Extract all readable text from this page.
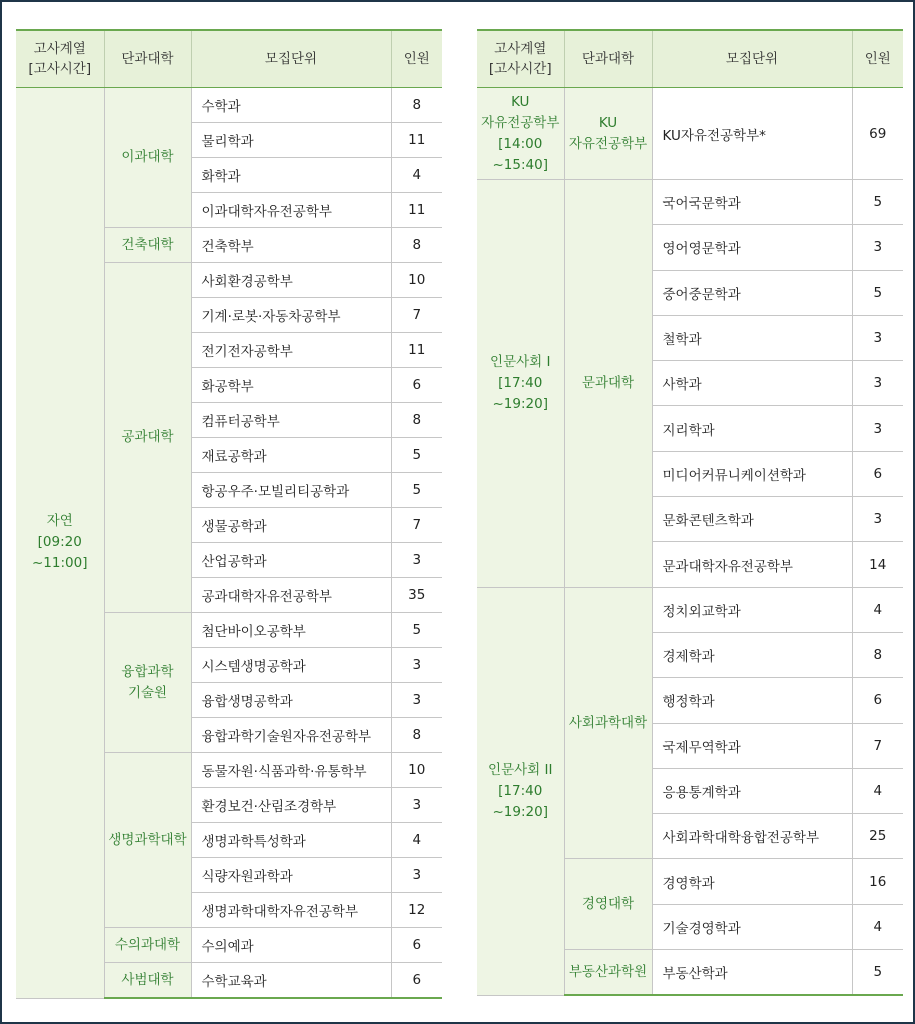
고사계열
[고사시간]	단과대학	모집단위	인원
자연
[09:20
~11:00]	이과대학	수학과	8
		물리학과	11
		화학과	4
		이과대학자유전공학부	11
	건축대학	건축학부	8
	공과대학	사회환경공학부	10
		기계·로봇·자동차공학부	7
		전기전자공학부	11
		화공학부	6
		컴퓨터공학부	8
		재료공학과	5
		항공우주·모빌리티공학과	5
		생물공학과	7
		산업공학과	3
		공과대학자유전공학부	35
	융합과학
기술원	첨단바이오공학부	5
		시스템생명공학과	3
		융합생명공학과	3
		융합과학기술원자유전공학부	8
	생명과학대학	동물자원·식품과학·유통학부	10
		환경보건·산림조경학부	3
		생명과학특성학과	4
		식량자원과학과	3
		생명과학대학자유전공학부	12
	수의과대학	수의예과	6
	사범대학	수학교육과	6
고사계열
[고사시간]	단과대학	모집단위	인원
KU
자유전공학부
[14:00
~15:40]	KU
자유전공학부	KU자유전공학부*	69
인문사회 I
[17:40
~19:20]	문과대학	국어국문학과	5
		영어영문학과	3
		중어중문학과	5
		철학과	3
		사학과	3
		지리학과	3
		미디어커뮤니케이션학과	6
		문화콘텐츠학과	3
		문과대학자유전공학부	14
인문사회 II
[17:40
~19:20]	사회과학대학	정치외교학과	4
		경제학과	8
		행정학과	6
		국제무역학과	7
		응용통계학과	4
		사회과학대학융합전공학부	25
	경영대학	경영학과	16
		기술경영학과	4
	부동산과학원	부동산학과	5
